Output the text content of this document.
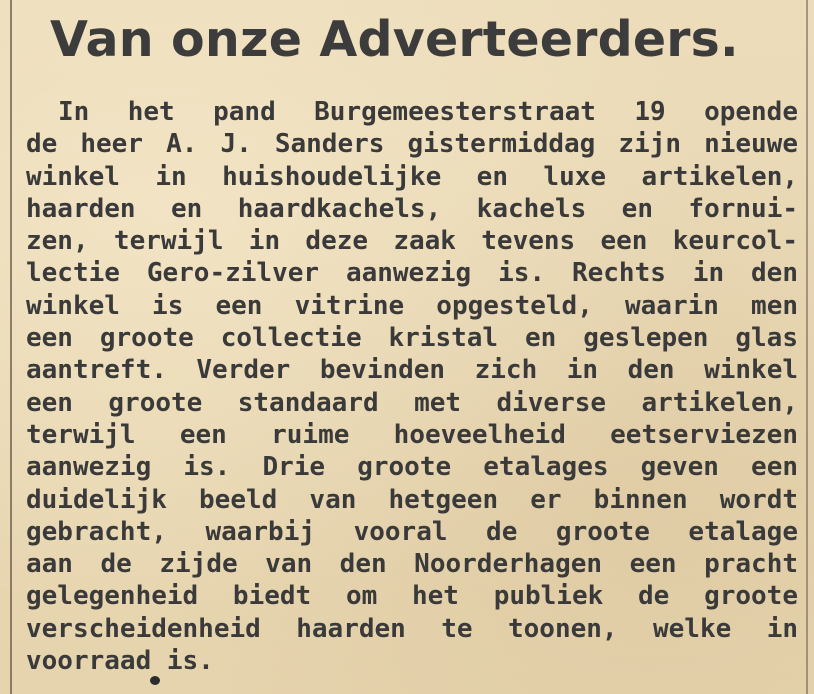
Van onze Adverteerders.
In het pand Burgemeesterstraat 19 opende
de heer A. J. Sanders gistermiddag zijn nieuwe
winkel in huishoudelijke en luxe artikelen,
haarden en haardkachels, kachels en fornui-
zen, terwijl in deze zaak tevens een keurcol-
lectie Gero-zilver aanwezig is. Rechts in den
winkel is een vitrine opgesteld, waarin men
een groote collectie kristal en geslepen glas
aantreft. Verder bevinden zich in den winkel
een groote standaard met diverse artikelen,
terwijl een ruime hoeveelheid eetserviezen
aanwezig is. Drie groote etalages geven een
duidelijk beeld van hetgeen er binnen wordt
gebracht, waarbij vooral de groote etalage
aan de zijde van den Noorderhagen een pracht
gelegenheid biedt om het publiek de groote
verscheidenheid haarden te toonen, welke in
voorraad is.
